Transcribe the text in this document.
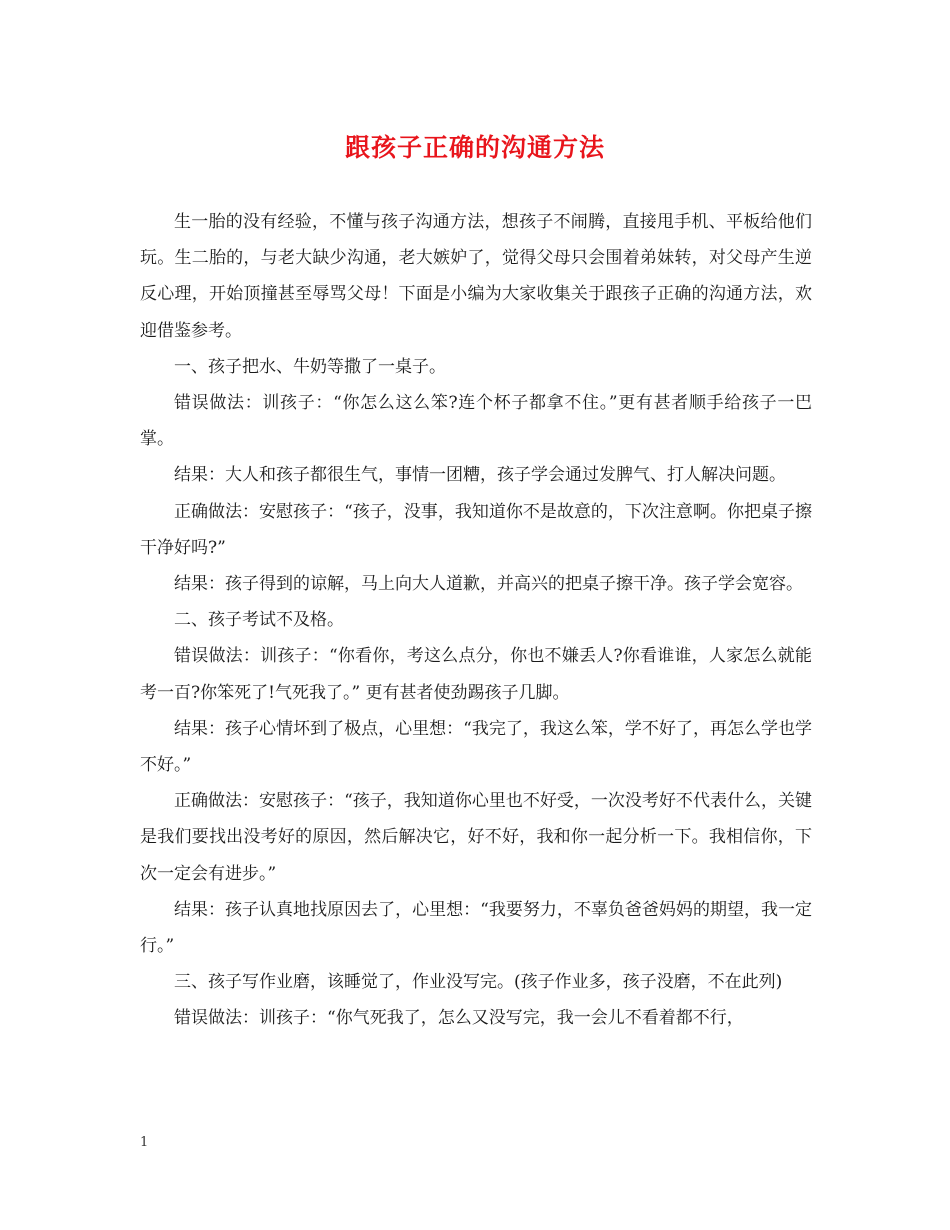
跟孩子正确的沟通方法

生一胎的没有经验，不懂与孩子沟通方法，想孩子不闹腾，直接甩手机、平板给他们玩。生二胎的，与老大缺少沟通，老大嫉妒了，觉得父母只会围着弟妹转，对父母产生逆反心理，开始顶撞甚至辱骂父母！下面是小编为大家收集关于跟孩子正确的沟通方法，欢迎借鉴参考。

一、孩子把水、牛奶等撒了一桌子。

错误做法：训孩子：“你怎么这么笨?连个杯子都拿不住。”更有甚者顺手给孩子一巴掌。

结果：大人和孩子都很生气，事情一团糟，孩子学会通过发脾气、打人解决问题。

正确做法：安慰孩子：“孩子，没事，我知道你不是故意的，下次注意啊。你把桌子擦干净好吗?”

结果：孩子得到的谅解，马上向大人道歉，并高兴的把桌子擦干净。孩子学会宽容。

二、孩子考试不及格。

错误做法：训孩子：“你看你，考这么点分，你也不嫌丢人?你看谁谁，人家怎么就能考一百?你笨死了!气死我了。” 更有甚者使劲踢孩子几脚。

结果：孩子心情坏到了极点，心里想：“我完了，我这么笨，学不好了，再怎么学也学不好。”

正确做法：安慰孩子：“孩子，我知道你心里也不好受，一次没考好不代表什么，关键是我们要找出没考好的原因，然后解决它，好不好，我和你一起分析一下。我相信你，下次一定会有进步。”

结果：孩子认真地找原因去了，心里想：“我要努力，不辜负爸爸妈妈的期望，我一定行。”

三、孩子写作业磨，该睡觉了，作业没写完。(孩子作业多，孩子没磨，不在此列)

错误做法：训孩子：“你气死我了，怎么又没写完，我一会儿不看着都不行，

1
